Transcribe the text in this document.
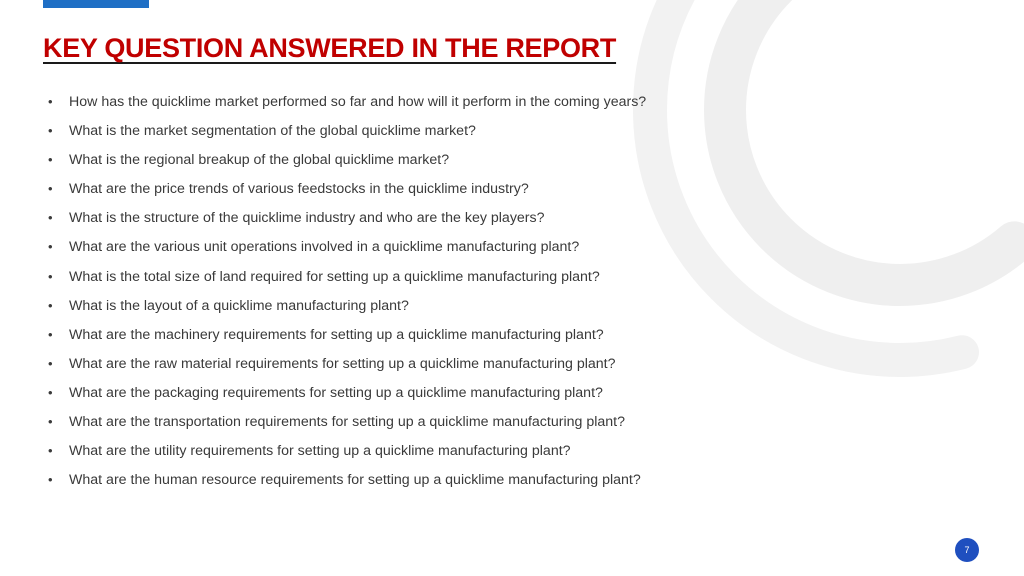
KEY QUESTION ANSWERED IN THE REPORT
• How has the quicklime market performed so far and how will it perform in the coming years?
• What is the market segmentation of the global quicklime market?
• What is the regional breakup of the global quicklime market?
• What are the price trends of various feedstocks in the quicklime industry?
• What is the structure of the quicklime industry and who are the key players?
• What are the various unit operations involved in a quicklime manufacturing plant?
• What is the total size of land required for setting up a quicklime manufacturing plant?
• What is the layout of a quicklime manufacturing plant?
• What are the machinery requirements for setting up a quicklime manufacturing plant?
• What are the raw material requirements for setting up a quicklime manufacturing plant?
• What are the packaging requirements for setting up a quicklime manufacturing plant?
• What are the transportation requirements for setting up a quicklime manufacturing plant?
• What are the utility requirements for setting up a quicklime manufacturing plant?
• What are the human resource requirements for setting up a quicklime manufacturing plant?
7
